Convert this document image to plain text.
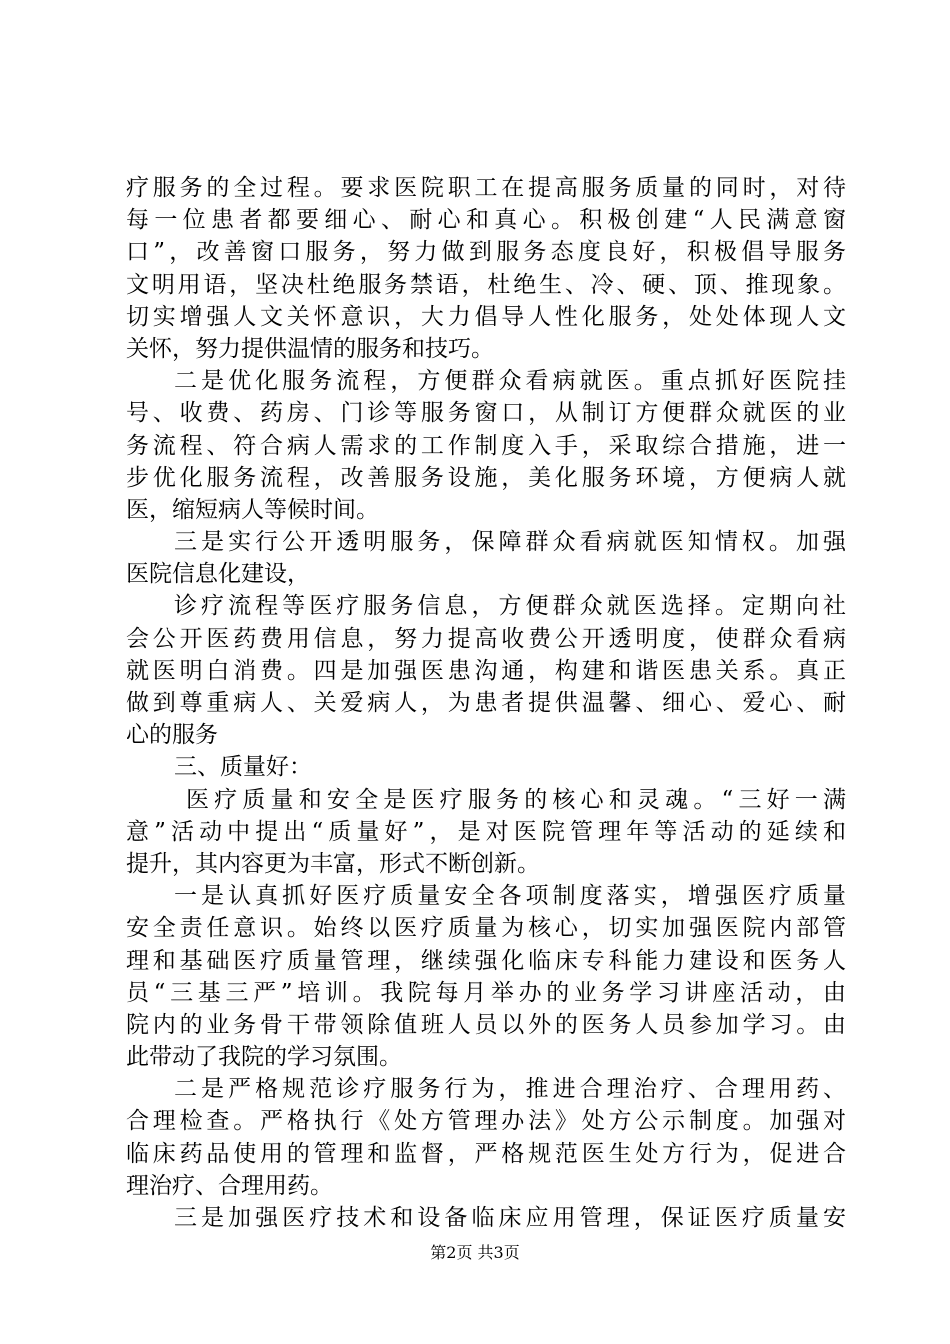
疗服务的全过程。要求医院职工在提高服务质量的同时，对待
每一位患者都要细心、耐心和真心。积极创建“人民满意窗
口”，改善窗口服务，努力做到服务态度良好，积极倡导服务
文明用语，坚决杜绝服务禁语，杜绝生、冷、硬、顶、推现象。
切实增强人文关怀意识，大力倡导人性化服务，处处体现人文
关怀，努力提供温情的服务和技巧。
二是优化服务流程，方便群众看病就医。重点抓好医院挂
号、收费、药房、门诊等服务窗口，从制订方便群众就医的业
务流程、符合病人需求的工作制度入手，采取综合措施，进一
步优化服务流程，改善服务设施，美化服务环境，方便病人就
医，缩短病人等候时间。
三是实行公开透明服务，保障群众看病就医知情权。加强
医院信息化建设，
诊疗流程等医疗服务信息，方便群众就医选择。定期向社
会公开医药费用信息，努力提高收费公开透明度，使群众看病
就医明白消费。四是加强医患沟通，构建和谐医患关系。真正
做到尊重病人、关爱病人，为患者提供温馨、细心、爱心、耐
心的服务
三、质量好：
医疗质量和安全是医疗服务的核心和灵魂。“三好一满
意”活动中提出“质量好”，是对医院管理年等活动的延续和
提升，其内容更为丰富，形式不断创新。
一是认真抓好医疗质量安全各项制度落实，增强医疗质量
安全责任意识。始终以医疗质量为核心，切实加强医院内部管
理和基础医疗质量管理，继续强化临床专科能力建设和医务人
员“三基三严”培训。我院每月举办的业务学习讲座活动，由
院内的业务骨干带领除值班人员以外的医务人员参加学习。由
此带动了我院的学习氛围。
二是严格规范诊疗服务行为，推进合理治疗、合理用药、
合理检查。严格执行《处方管理办法》处方公示制度。加强对
临床药品使用的管理和监督，严格规范医生处方行为，促进合
理治疗、合理用药。
三是加强医疗技术和设备临床应用管理，保证医疗质量安
第2页 共3页
